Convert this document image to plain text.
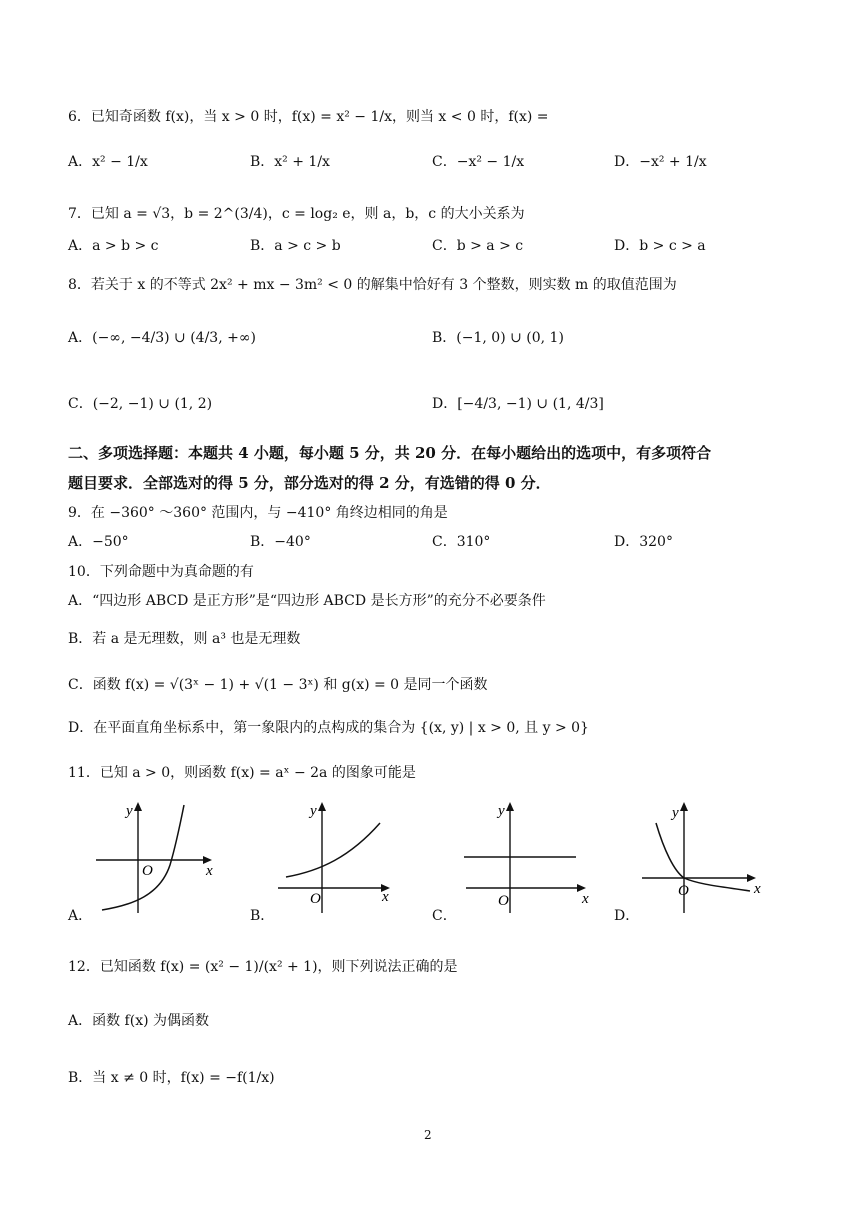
6．已知奇函数 f(x)，当 x > 0 时，f(x) = x² − 1/x，则当 x < 0 时，f(x) =
A．x² − 1/x	B．x² + 1/x	C．−x² − 1/x	D．−x² + 1/x
7．已知 a = √3，b = 2^(3/4)，c = log₂ e，则 a，b，c 的大小关系为
A．a > b > c	B．a > c > b	C．b > a > c	D．b > c > a
8．若关于 x 的不等式 2x² + mx − 3m² < 0 的解集中恰好有 3 个整数，则实数 m 的取值范围为
A．(−∞, −4/3) ∪ (4/3, +∞)	B．(−1, 0) ∪ (0, 1)
C．(−2, −1) ∪ (1, 2)	D．[−4/3, −1) ∪ (1, 4/3]
二、多项选择题：本题共 4 小题，每小题 5 分，共 20 分．在每小题给出的选项中，有多项符合
题目要求．全部选对的得 5 分，部分选对的得 2 分，有选错的得 0 分．
9．在 −360° ～360° 范围内，与 −410° 角终边相同的角是
A．−50°	B．−40°	C．310°	D．320°
10．下列命题中为真命题的有
A．“四边形 ABCD 是正方形”是“四边形 ABCD 是长方形”的充分不必要条件
B．若 a 是无理数，则 a³ 也是无理数
C．函数 f(x) = √(3ˣ − 1) + √(1 − 3ˣ) 和 g(x) = 0 是同一个函数
D．在平面直角坐标系中，第一象限内的点构成的集合为 {(x, y) | x > 0, 且 y > 0}
11．已知 a > 0，则函数 f(x) = aˣ − 2a 的图象可能是
A．	B．	C．	D．
y
x
O
y
x
O
y
x
O
y
x
O
12．已知函数 f(x) = (x² − 1)/(x² + 1)，则下列说法正确的是
A．函数 f(x) 为偶函数
B．当 x ≠ 0 时，f(x) = −f(1/x)
2
